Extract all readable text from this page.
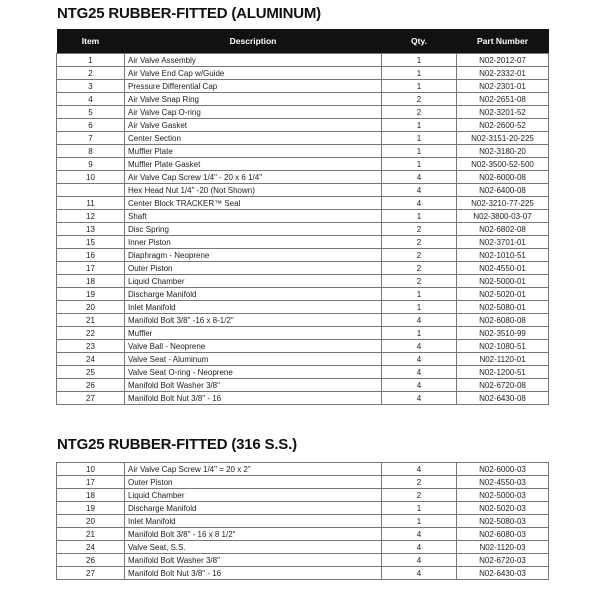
NTG25 RUBBER-FITTED (ALUMINUM)
Item	Description	Qty.	Part Number
1	Air Valve Assembly	1	N02-2012-07
2	Air Valve End Cap w/Guide	1	N02-2332-01
3	Pressure Differential Cap	1	N02-2301-01
4	Air Valve Snap Ring	2	N02-2651-08
5	Air Valve Cap O-ring	2	N02-3201-52
6	Air Valve Gasket	1	N02-2600-52
7	Center Section	1	N02-3151-20-225
8	Muffler Plate	1	N02-3180-20
9	Muffler Plate Gasket	1	N02-3500-52-500
10	Air Valve Cap Screw 1/4" - 20 x 6 1/4"	4	N02-6000-08
	Hex Head Nut 1/4" -20 (Not Shown)	4	N02-6400-08
11	Center Block TRACKER™ Seal	4	N02-3210-77-225
12	Shaft	1	N02-3800-03-07
13	Disc Spring	2	N02-6802-08
15	Inner Piston	2	N02-3701-01
16	Diaphragm - Neoprene	2	N02-1010-51
17	Outer Piston	2	N02-4550-01
18	Liquid Chamber	2	N02-5000-01
19	Discharge Manifold	1	N02-5020-01
20	Inlet Manifold	1	N02-5080-01
21	Manifold Bolt 3/8" -16 x 8-1/2"	4	N02-6080-08
22	Muffler	1	N02-3510-99
23	Valve Ball - Neoprene	4	N02-1080-51
24	Valve Seat - Aluminum	4	N02-1120-01
25	Valve Seat O-ring - Neoprene	4	N02-1200-51
26	Manifold Bolt Washer 3/8"	4	N02-6720-08
27	Manifold Bolt Nut 3/8" - 16	4	N02-6430-08
NTG25 RUBBER-FITTED (316 S.S.)
10	Air Valve Cap Screw 1/4" = 20 x 2"	4	N02-6000-03
17	Outer Piston	2	N02-4550-03
18	Liquid Chamber	2	N02-5000-03
19	Discharge Manifold	1	N02-5020-03
20	Inlet Manifold	1	N02-5080-03
21	Manifold Bolt 3/8" - 16 x 8 1/2"	4	N02-6080-03
24	Valve Seat, S.S.	4	N02-1120-03
26	Manifold Bolt Washer 3/8"	4	N02-6720-03
27	Manifold Bolt Nut 3/8" - 16	4	N02-6430-03
